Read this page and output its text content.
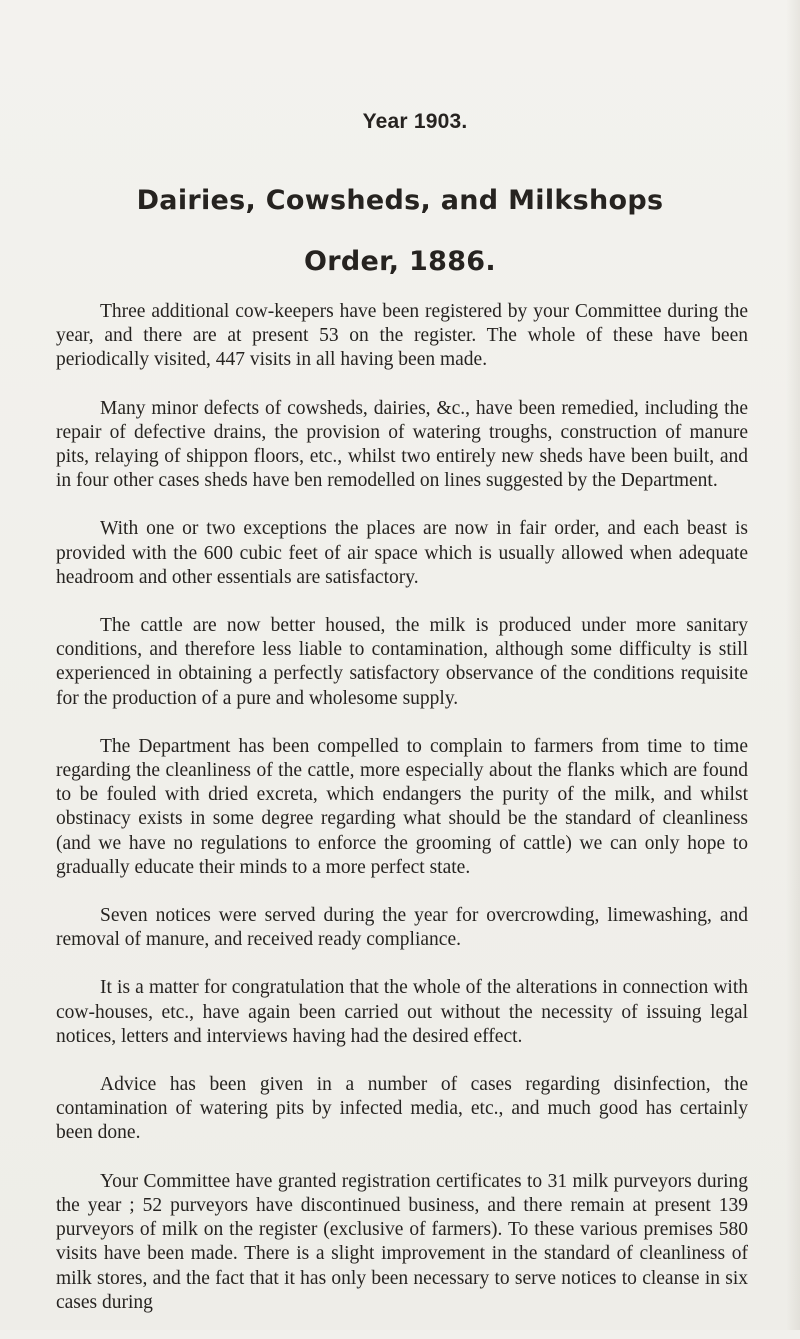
Year 1903.
Dairies, Cowsheds, and Milkshops
Order, 1886.

Three additional cow-keepers have been registered by your Committee during the year, and there are at present 53 on the register. The whole of these have been periodically visited, 447 visits in all having been made.

Many minor defects of cowsheds, dairies, &c., have been remedied, including the repair of defective drains, the provision of watering troughs, construction of manure pits, relaying of shippon floors, etc., whilst two entirely new sheds have been built, and in four other cases sheds have ben remodelled on lines suggested by the Department.

With one or two exceptions the places are now in fair order, and each beast is provided with the 600 cubic feet of air space which is usually allowed when adequate headroom and other essentials are satisfactory.

The cattle are now better housed, the milk is produced under more sanitary conditions, and therefore less liable to contamination, although some difficulty is still experienced in obtaining a perfectly satisfactory observance of the conditions requisite for the production of a pure and wholesome supply.

The Department has been compelled to complain to farmers from time to time regarding the cleanliness of the cattle, more especially about the flanks which are found to be fouled with dried excreta, which endangers the purity of the milk, and whilst obstinacy exists in some degree regarding what should be the standard of cleanliness (and we have no regulations to enforce the grooming of cattle) we can only hope to gradually educate their minds to a more perfect state.

Seven notices were served during the year for overcrowding, limewashing, and removal of manure, and received ready compliance.

It is a matter for congratulation that the whole of the alterations in connection with cow-houses, etc., have again been carried out without the necessity of issuing legal notices, letters and interviews having had the desired effect.

Advice has been given in a number of cases regarding disinfection, the contamination of watering pits by infected media, etc., and much good has certainly been done.

Your Committee have granted registration certificates to 31 milk purveyors during the year ; 52 purveyors have discontinued business, and there remain at present 139 purveyors of milk on the register (exclusive of farmers). To these various premises 580 visits have been made. There is a slight improvement in the standard of cleanliness of milk stores, and the fact that it has only been necessary to serve notices to cleanse in six cases during
